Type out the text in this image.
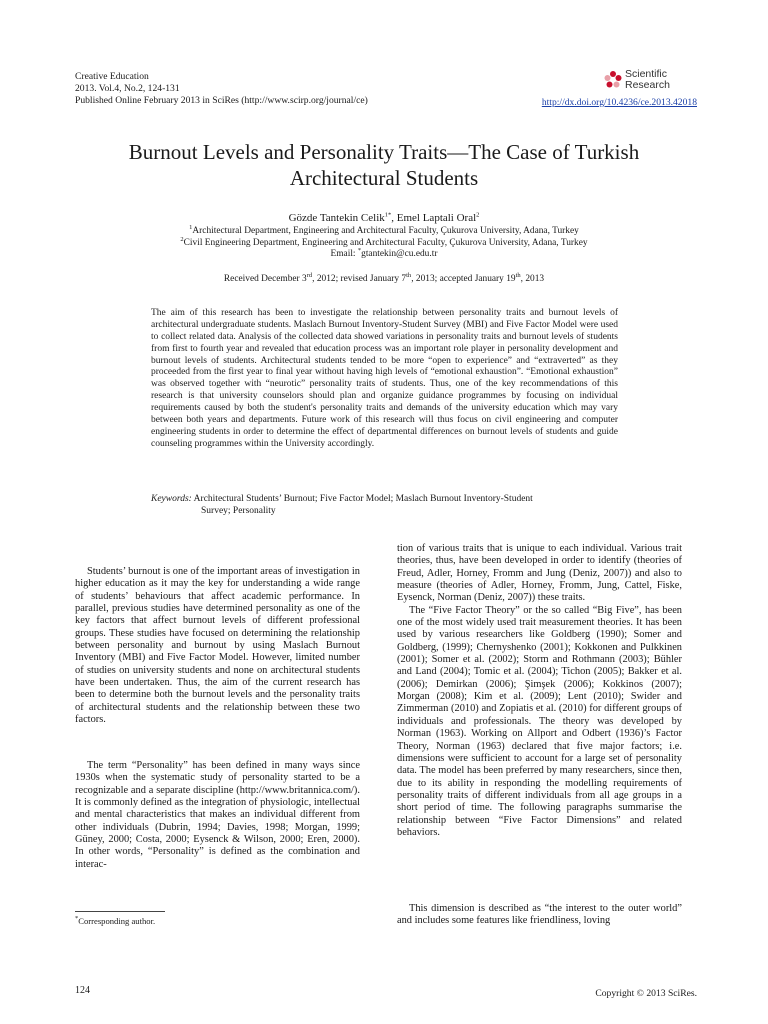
Creative Education
2013. Vol.4, No.2, 124-131
Published Online February 2013 in SciRes (http://www.scirp.org/journal/ce)
Scientific
Research
http://dx.doi.org/10.4236/ce.2013.42018
Burnout Levels and Personality Traits—The Case of Turkish Architectural Students
Gözde Tantekin Celik$^{1*}$, Emel Laptali Oral$^2$
$^1$Architectural Department, Engineering and Architectural Faculty, Çukurova University, Adana, Turkey
$^2$Civil Engineering Department, Engineering and Architectural Faculty, Çukurova University, Adana, Turkey
Email: *gtantekin@cu.edu.tr
Received December 3rd, 2012; revised January 7th, 2013; accepted January 19th, 2013
The aim of this research has been to investigate the relationship between personality traits and burnout levels of architectural undergraduate students. Maslach Burnout Inventory-Student Survey (MBI) and Five Factor Model were used to collect related data. Analysis of the collected data showed variations in personality traits and burnout levels of students from first to fourth year and revealed that education process was an important role player in personality development and burnout levels of students. Architectural students tended to be more “open to experience” and “extraverted” as they proceeded from the first year to final year without having high levels of “emotional exhaustion”. “Emotional exhaustion” was observed together with “neurotic” personality traits of students. Thus, one of the key recommendations of this research is that university counselors should plan and organize guidance programmes by focusing on individual requirements caused by both the student's personality traits and demands of the university education which may vary between both years and departments. Future work of this research will thus focus on civil engineering and computer engineering students in order to determine the effect of departmental differences on burnout levels of students and guide counseling programmes within the University accordingly.
Keywords: Architectural Students’ Burnout; Five Factor Model; Maslach Burnout Inventory-Student
Survey; Personality

Students’ burnout is one of the important areas of investigation in higher education as it may the key for understanding a wide range of students’ behaviours that affect academic performance. In parallel, previous studies have determined personality as one of the key factors that affect burnout levels of different professional groups. These studies have focused on determining the relationship between personality and burnout by using Maslach Burnout Inventory (MBI) and Five Factor Model. However, limited number of studies on university students and none on architectural students have been undertaken. Thus, the aim of the current research has been to determine both the burnout levels and the personality traits of architectural students and the relationship between these two factors.

The term “Personality” has been defined in many ways since 1930s when the systematic study of personality started to be a recognizable and a separate discipline (http://www.britannica.com/). It is commonly defined as the integration of physiologic, intellectual and mental characteristics that makes an individual different from other individuals (Dubrin, 1994; Davies, 1998; Morgan, 1999; Güney, 2000; Costa, 2000; Eysenck & Wilson, 2000; Eren, 2000). In other words, “Personality” is defined as the combination and interac-

tion of various traits that is unique to each individual. Various trait theories, thus, have been developed in order to identify (theories of Freud, Adler, Horney, Fromm and Jung (Deniz, 2007)) and also to measure (theories of Adler, Horney, Fromm, Jung, Cattel, Fiske, Eysenck, Norman (Deniz, 2007)) these traits.

The “Five Factor Theory” or the so called “Big Five”, has been one of the most widely used trait measurement theories. It has been used by various researchers like Goldberg (1990); Somer and Goldberg, (1999); Chernyshenko (2001); Kokkonen and Pulkkinen (2001); Somer et al. (2002); Storm and Rothmann (2003); Bühler and Land (2004); Tomic et al. (2004); Tichon (2005); Bakker et al. (2006); Demirkan (2006); Şimşek (2006); Kokkinos (2007); Morgan (2008); Kim et al. (2009); Lent (2010); Swider and Zimmerman (2010) and Zopiatis et al. (2010) for different groups of individuals and professionals. The theory was developed by Norman (1963). Working on Allport and Odbert (1936)’s Factor Theory, Norman (1963) declared that five major factors; i.e. dimensions were sufficient to account for a large set of personality data. The model has been preferred by many researchers, since then, due to its ability in responding the modelling requirements of personality traits of different individuals from all age groups in a short period of time. The following paragraphs summarise the relationship between “Five Factor Dimensions” and related behaviors.

This dimension is described as “the interest to the outer world” and includes some features like friendliness, loving

*Corresponding author.
124	Copyright © 2013 SciRes.
